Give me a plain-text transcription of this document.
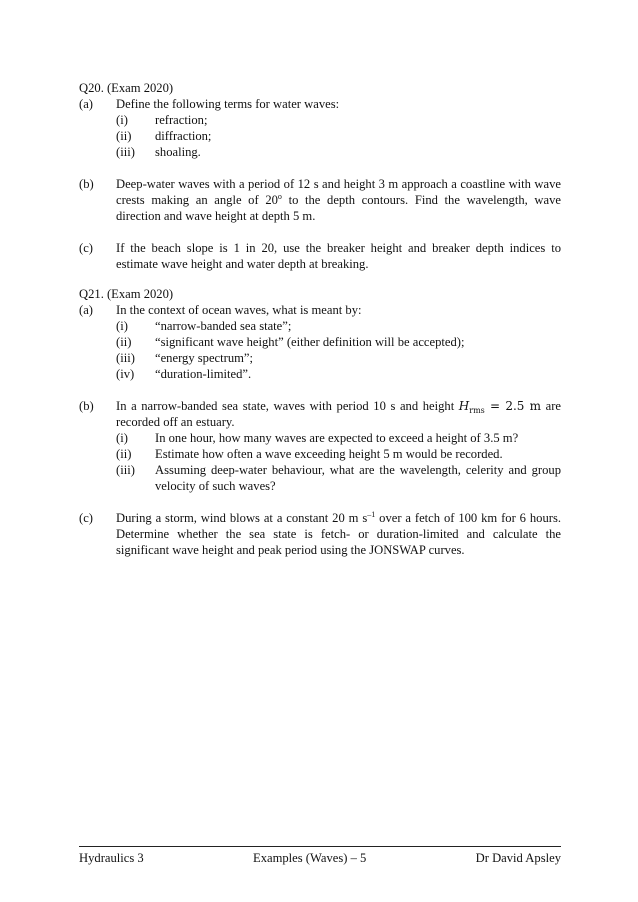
Q20. (Exam 2020)
(a)	Define the following terms for water waves:
(i)	refraction;
(ii)	diffraction;
(iii)	shoaling.
(b)	Deep-water waves with a period of 12 s and height 3 m approach a coastline with wave crests making an angle of 20$^o$ to the depth contours. Find the wavelength, wave direction and wave height at depth 5 m.
(c)	If the beach slope is 1 in 20, use the breaker height and breaker depth indices to estimate wave height and water depth at breaking.
Q21. (Exam 2020)
(a)	In the context of ocean waves, what is meant by:
(i)	“narrow-banded sea state”;
(ii)	“significant wave height” (either definition will be accepted);
(iii)	“energy spectrum”;
(iv)	“duration-limited”.
(b)	In a narrow-banded sea state, waves with period 10 s and height $H_{rms} = 2.5$ m are recorded off an estuary.
(i)	In one hour, how many waves are expected to exceed a height of 3.5 m?
(ii)	Estimate how often a wave exceeding height 5 m would be recorded.
(iii)	Assuming deep-water behaviour, what are the wavelength, celerity and group velocity of such waves?
(c)	During a storm, wind blows at a constant 20 m $s^{-1}$ over a fetch of 100 km for 6 hours. Determine whether the sea state is fetch- or duration-limited and calculate the significant wave height and peak period using the JONSWAP curves.
Hydraulics 3	Examples (Waves) – 5	Dr David Apsley
